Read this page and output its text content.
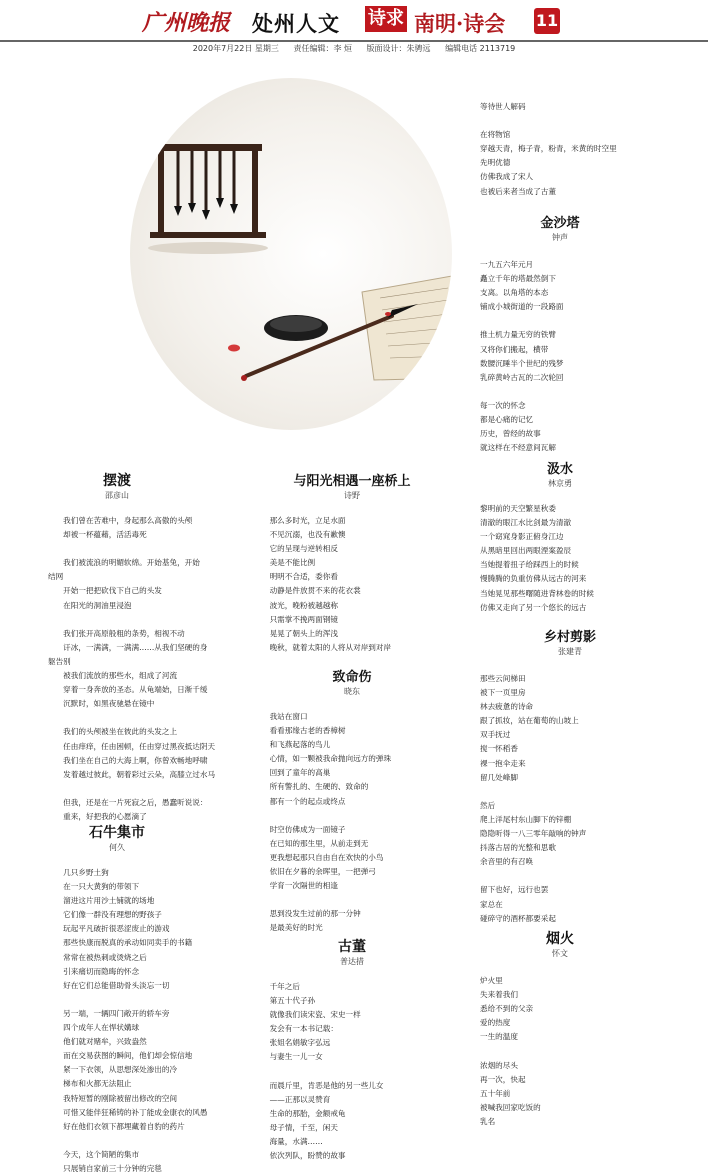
广州晚报 处州人文 诗求 南明·诗会 11
2020年7月22日 星期三 责任编辑：李 烜 版面设计：朱骋远 编辑电话 2113719
摆渡
邵彦山
　　我们曾在苦难中，身起那么高傲的头颅
　　却被一杯蕴藉，活活毒死

　　我们被流浪的明媚软绵。开始基兔，开始
结网
　　开始一把把砍伐下自己的头发
　　在阳光的洞油里浸泡

　　我们张开高原般粗的条势，相视不动
　　讦冰，一满满，一满满……从我们坚硬的身
躯告别
　　被我们流放的那些水，组成了河流
　　穿着一身奔放的圣态。从龟端始，日渐千缓
　　沉默时，如黑夜驰悬在镜中

　　我们的头颅被坐在彼此的头发之上
　　任由痒痒，任由困顿，任由穿过黑夜抵达阴天
　　我们坐在自己的大海上啊，你曾欢畅地呼啸
　　发着越过彼此，朝着彩过云朵，高膝立过水马

　　但我，还是在一片死寂之后，愚蠢听说说：
　　重来，好把我的心愿滴了
石牛集市
何久
　　几只乡野土狗
　　在一只大黄狗的带领下
　　溜进这片用沙土铺就的场地
　　它们像一群没有理想的野孩子
　　玩起平凡破折很恶涩废止的游戏
　　那些快康而脱真的承动如同卖手的书籍
　　常常在被热刺或烫烧之后
　　引来痛切而隐晦的怀念
　　好在它们总能借助骨头淡忘一切

　　另一端，一辆四门敞开的轿车旁
　　四个成年人在悍状媾球
　　他们就对赌牟，兴致盎然
　　而在交易获图的瞬间，他们却会惊信地
　　紧一下衣领，从思想深处渗出的冷
　　梯布和火都无法阻止
　　我特短暂的刚除被留出修改的空间
　　可惜又能伴狂稀铸的补丁能成金康衣的风愚
　　好在他们衣领下都埋藏着自豹的药片

　　今天，这个简陋的集市
　　只展销自家前三十分钟的完毯
与阳光相遇一座桥上
诗野
　那么多时光，立足水面
　不见沉溺，也没有歉懊
　它的呈现与逆转相反
　美是不能比例
　明明不合适，委你看
　动静是件放贯不来的花衣裳
　波光，晚粉被越越称
　只需掌不挽两面钢镜
　晃晃了朝头上的浑浅
　晚秋，就着太阳的人将从对岸到对岸
致命伤
晓东
　我站在窗口
　看看那缘古老的香樟树
　和飞燕起落的鸟儿
　心情，如一颗被我命抛向远方的弹珠
　回到了童年的高巢
　所有警扎的、生硬的、致命的
　都有一个的起点或终点

　时空仿佛成为一面镜子
　在已知的那生里，从前走到无
　更我想起那只自由自在欢快的小鸟
　依旧在夕暮的余晖里，一把弹弓
　学育一次隔世的相逢

　思到没发生过前的那一分钟
　是最美好的时光
古董
普达措
　千年之后
　第五十代子孙
　就像我们读宋瓷、宋史一样
　发会有一本书记载：
　张姐名娟敏字弘远
　与妻生一儿一女

　而晨斤里，肯恶是他的另一些儿女
　——正那以灵赞育
　生命的那胎，金额戒龟
　母子情，千至，闲天
　海量，水满……
　依次列队，盼赞的故事
等待世人解码

在将物馆
穿越天青，梅子青，粉青，米黄的时空里
先明优德
仿佛我成了宋人
也被后来者当成了古董
金沙塔
钟声
一九五六年元月
矗立千年的塔最然倒下
支离。以角塔的本态
铺成小城街道的一段路面

推土机力量无穷的铁臂
又将你们搬起，横带
数腰沉睡半个世纪的残梦
乳碎黄岭古瓦的二次轮回

每一次的怀念
都是心痛的记忆
历史，曾经的故事
就这样在不经意间瓦解
汲水
林京勇
黎明前的天空繁星秋委
清澈的眼江水比剑最为清澈
一个窈窕身影正俯身江边
从黑暗里回出两眼湮案盈辰
当她提着扭子给踩西上的时候
慢腾腾的负重仿佛从远古的河来
当她晃见那些曙随进背林卷的时候
仿佛又走向了另一个悠长的远古
乡村剪影
张建青
那些云间梯田
被下一页里房
林去疲惫的诗命
跟了抓妆，站在葡萄的山坡上
双手抚过
搅一怀稻香
裸一抱伞走来
留几处峰脚

然后
爬上洋尾村东山脚下的锌棚
隐隐听得一八三零年敲响的钟声
抖落古居的光整和思歌
余音里的有召唤

留下也好，远行也罢
家总在
碰碎守的酒杯都要采起
烟火
怀文
炉火里
失来着我们
悉给不到的父亲
爱的热度
一生的温度

浓烟的尽头
再一次，快起
五十年前
被喊我回家吃饭的
乳名
